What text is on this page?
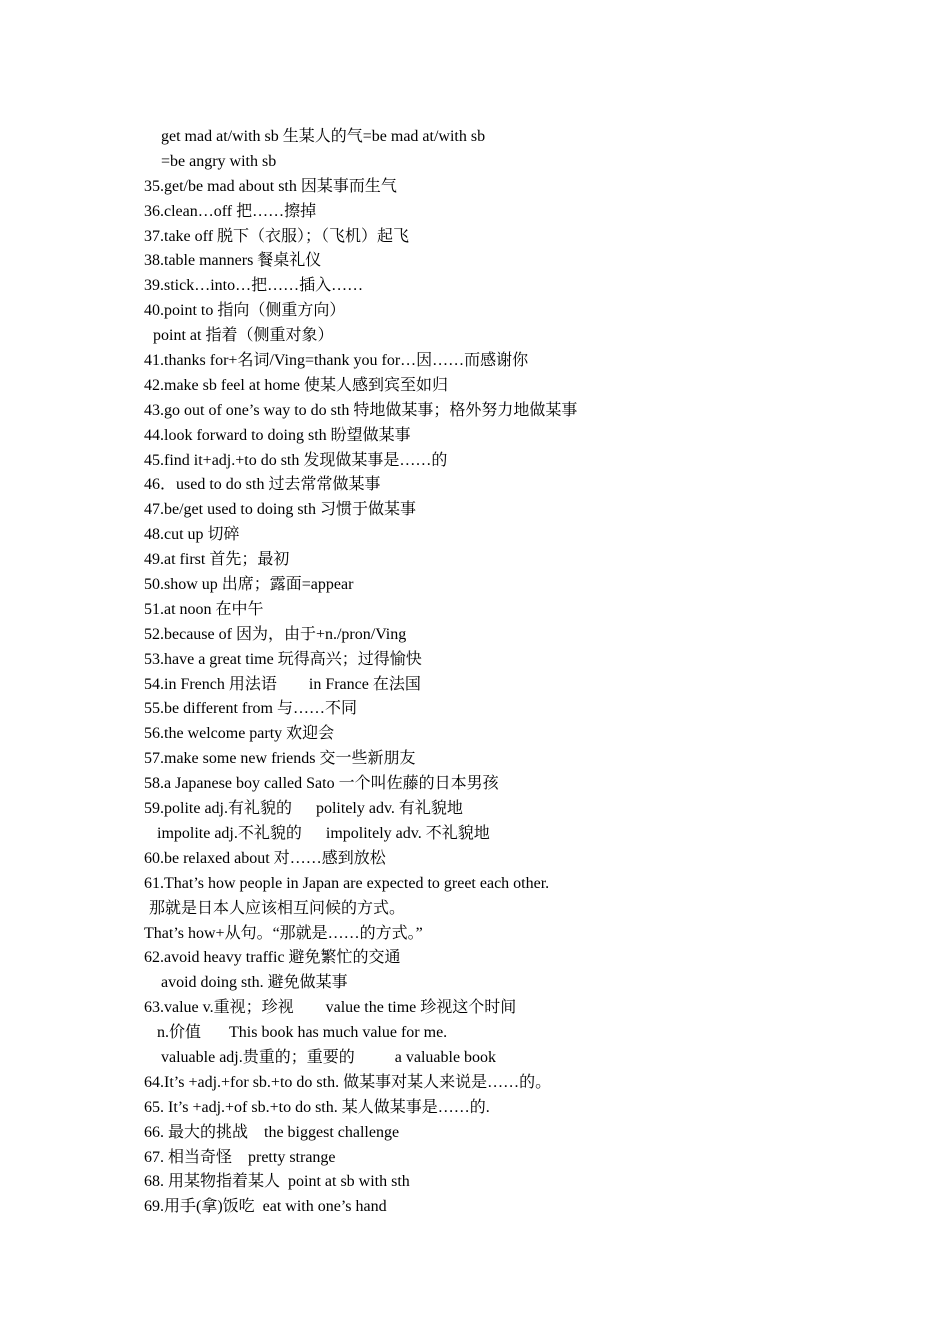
get mad at/with sb 生某人的气=be mad at/with sb
=be angry with sb
35.get/be mad about sth 因某事而生气
36.clean…off 把……擦掉
37.take off 脱下（衣服）；（飞机）起飞
38.table manners 餐桌礼仪
39.stick…into…把……插入……
40.point to 指向（侧重方向）
point at 指着（侧重对象）
41.thanks for+名词/Ving=thank you for…因……而感谢你
42.make sb feel at home 使某人感到宾至如归
43.go out of one’s way to do sth 特地做某事；格外努力地做某事
44.look forward to doing sth 盼望做某事
45.find it+adj.+to do sth 发现做某事是……的
46．used to do sth 过去常常做某事
47.be/get used to doing sth 习惯于做某事
48.cut up 切碎
49.at first 首先；最初
50.show up 出席；露面=appear
51.at noon 在中午
52.because of 因为，由于+n./pron/Ving
53.have a great time 玩得高兴；过得愉快
54.in French 用法语        in France 在法国
55.be different from 与……不同
56.the welcome party 欢迎会
57.make some new friends 交一些新朋友
58.a Japanese boy called Sato 一个叫佐藤的日本男孩
59.polite adj.有礼貌的      politely adv. 有礼貌地
impolite adj.不礼貌的      impolitely adv. 不礼貌地
60.be relaxed about 对……感到放松
61.That’s how people in Japan are expected to greet each other.
那就是日本人应该相互问候的方式。
That’s how+从句。“那就是……的方式。”
62.avoid heavy traffic 避免繁忙的交通
avoid doing sth. 避免做某事
63.value v.重视；珍视        value the time 珍视这个时间
n.价值       This book has much value for me.
valuable adj.贵重的；重要的          a valuable book
64.It’s +adj.+for sb.+to do sth. 做某事对某人来说是……的。
65. It’s +adj.+of sb.+to do sth. 某人做某事是……的.
66. 最大的挑战    the biggest challenge
67. 相当奇怪    pretty strange
68. 用某物指着某人  point at sb with sth
69.用手(拿)饭吃  eat with one’s hand
